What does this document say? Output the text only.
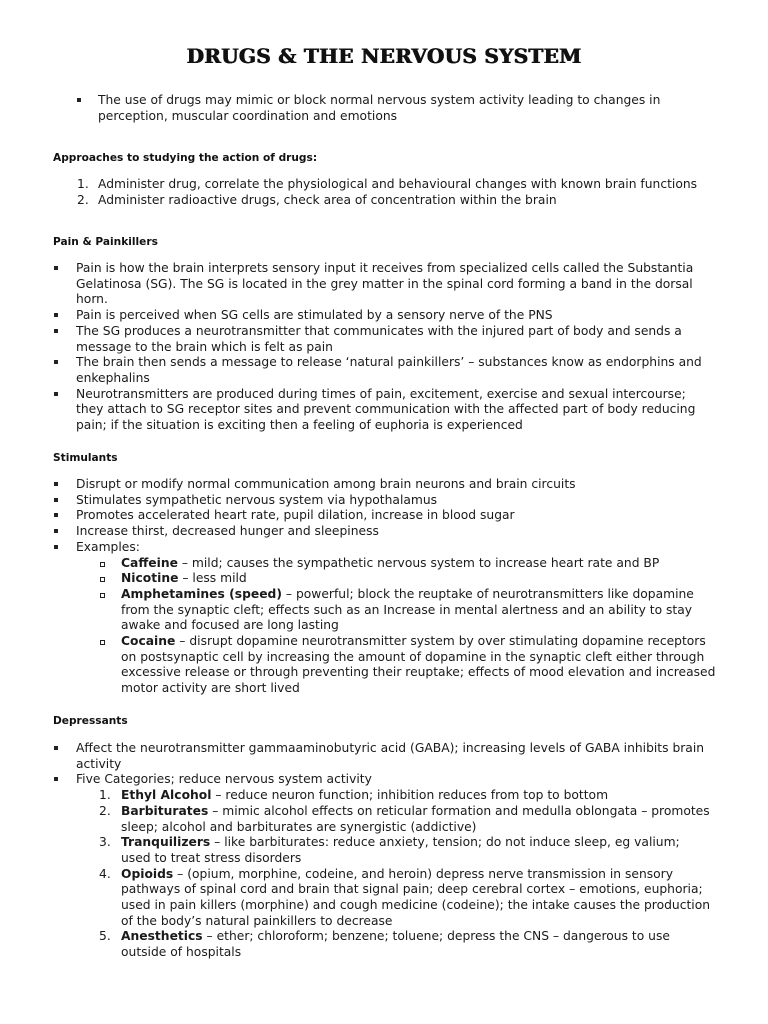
DRUGS & THE NERVOUS SYSTEM
The use of drugs may mimic or block normal nervous system activity leading to changes in
perception, muscular coordination and emotions
Approaches to studying the action of drugs:
1. Administer drug, correlate the physiological and behavioural changes with known brain functions
2. Administer radioactive drugs, check area of concentration within the brain
Pain & Painkillers
Pain is how the brain interprets sensory input it receives from specialized cells called the Substantia
Gelatinosa (SG). The SG is located in the grey matter in the spinal cord forming a band in the dorsal
horn.
Pain is perceived when SG cells are stimulated by a sensory nerve of the PNS
The SG produces a neurotransmitter that communicates with the injured part of body and sends a
message to the brain which is felt as pain
The brain then sends a message to release ‘natural painkillers’ – substances know as endorphins and
enkephalins
Neurotransmitters are produced during times of pain, excitement, exercise and sexual intercourse;
they attach to SG receptor sites and prevent communication with the affected part of body reducing
pain; if the situation is exciting then a feeling of euphoria is experienced
Stimulants
Disrupt or modify normal communication among brain neurons and brain circuits
Stimulates sympathetic nervous system via hypothalamus
Promotes accelerated heart rate, pupil dilation, increase in blood sugar
Increase thirst, decreased hunger and sleepiness
Examples:
Caffeine – mild; causes the sympathetic nervous system to increase heart rate and BP
Nicotine – less mild
Amphetamines (speed) – powerful; block the reuptake of neurotransmitters like dopamine
from the synaptic cleft; effects such as an Increase in mental alertness and an ability to stay
awake and focused are long lasting
Cocaine – disrupt dopamine neurotransmitter system by over stimulating dopamine receptors
on postsynaptic cell by increasing the amount of dopamine in the synaptic cleft either through
excessive release or through preventing their reuptake; effects of mood elevation and increased
motor activity are short lived
Depressants
Affect the neurotransmitter gammaaminobutyric acid (GABA); increasing levels of GABA inhibits brain
activity
Five Categories; reduce nervous system activity
1. Ethyl Alcohol – reduce neuron function; inhibition reduces from top to bottom
2. Barbiturates – mimic alcohol effects on reticular formation and medulla oblongata – promotes
sleep; alcohol and barbiturates are synergistic (addictive)
3. Tranquilizers – like barbiturates: reduce anxiety, tension; do not induce sleep, eg valium;
used to treat stress disorders
4. Opioids – (opium, morphine, codeine, and heroin) depress nerve transmission in sensory
pathways of spinal cord and brain that signal pain; deep cerebral cortex – emotions, euphoria;
used in pain killers (morphine) and cough medicine (codeine); the intake causes the production
of the body’s natural painkillers to decrease
5. Anesthetics – ether; chloroform; benzene; toluene; depress the CNS – dangerous to use
outside of hospitals
